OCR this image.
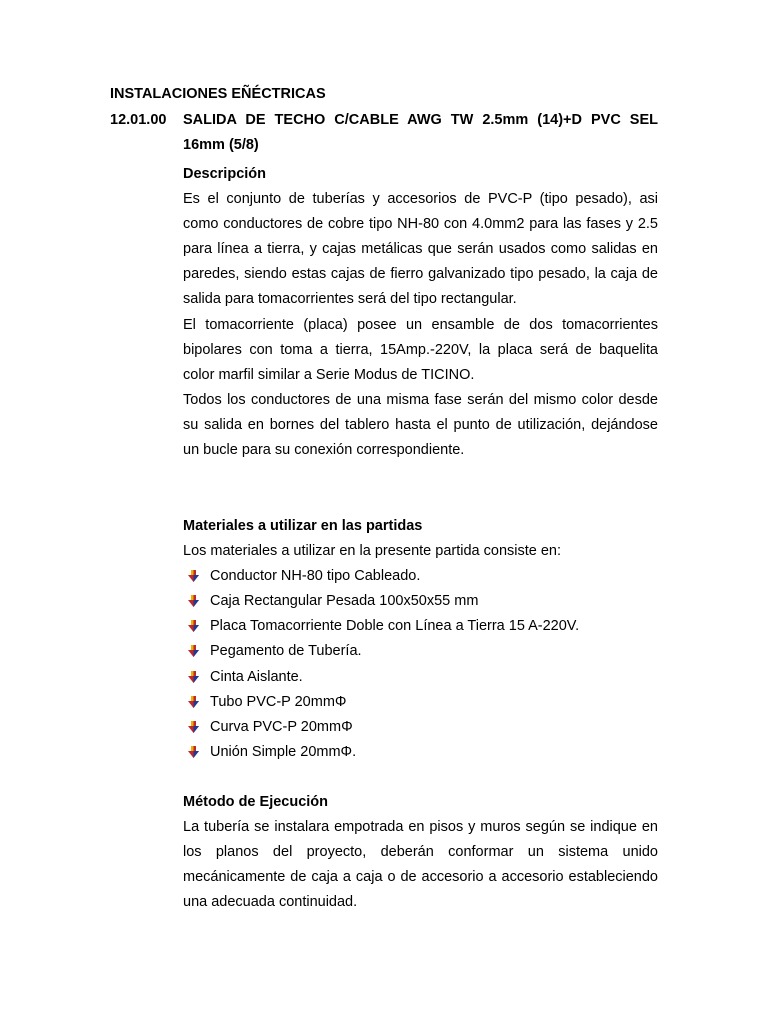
INSTALACIONES EÑÉCTRICAS

12.01.00 SALIDA DE TECHO C/CABLE AWG TW 2.5mm (14)+D PVC SEL
16mm (5/8)

Descripción

Es el conjunto de tuberías y accesorios de PVC-P (tipo pesado), asi como conductores de cobre tipo NH-80 con 4.0mm2 para las fases y 2.5 para línea a tierra, y cajas metálicas que serán usados como salidas en paredes, siendo estas cajas de fierro galvanizado tipo pesado, la caja de salida para tomacorrientes será del tipo rectangular.

El tomacorriente (placa) posee un ensamble de dos tomacorrientes bipolares con toma a tierra, 15Amp.-220V, la placa será de baquelita color marfil similar a Serie Modus de TICINO.

Todos los conductores de una misma fase serán del mismo color desde su salida en bornes del tablero hasta el punto de utilización, dejándose un bucle para su conexión correspondiente.

Materiales a utilizar en las partidas

Los materiales a utilizar en la presente partida consiste en:

Conductor NH-80 tipo Cableado.
Caja Rectangular Pesada 100x50x55 mm
Placa Tomacorriente Doble con Línea a Tierra 15 A-220V.
Pegamento de Tubería.
Cinta Aislante.
Tubo PVC-P 20mmΦ
Curva PVC-P 20mmΦ
Unión Simple 20mmΦ.

Método de Ejecución

La tubería se instalara empotrada en pisos y muros según se indique en los planos del proyecto, deberán conformar un sistema unido mecánicamente de caja a caja o de accesorio a accesorio estableciendo una adecuada continuidad.
